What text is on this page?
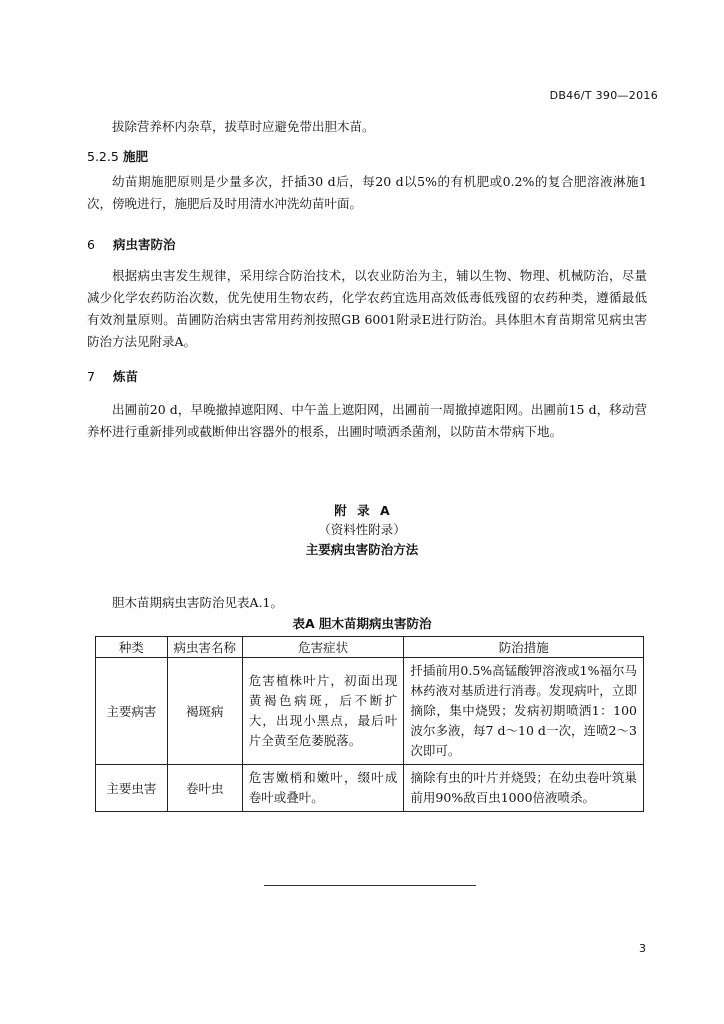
DB46/T 390—2016
拔除营养杯内杂草，拔草时应避免带出胆木苗。
5.2.5 施肥
幼苗期施肥原则是少量多次，扦插30 d后，每20 d以5%的有机肥或0.2%的复合肥溶液淋施1次，傍晚进行，施肥后及时用清水冲洗幼苗叶面。
6 病虫害防治
根据病虫害发生规律，采用综合防治技术，以农业防治为主，辅以生物、物理、机械防治，尽量减少化学农药防治次数，优先使用生物农药，化学农药宜选用高效低毒低残留的农药种类，遵循最低有效剂量原则。苗圃防治病虫害常用药剂按照GB 6001附录E进行防治。具体胆木育苗期常见病虫害防治方法见附录A。
7 炼苗
出圃前20 d，早晚撤掉遮阳网、中午盖上遮阳网，出圃前一周撤掉遮阳网。出圃前15 d，移动营养杯进行重新排列或截断伸出容器外的根系，出圃时喷洒杀菌剂，以防苗木带病下地。
附 录 A
（资料性附录）
主要病虫害防治方法
胆木苗期病虫害防治见表A.1。
表A 胆木苗期病虫害防治
种类	病虫害名称	危害症状	防治措施
主要病害	褐斑病	危害植株叶片，初面出现黄褐色病斑，后不断扩大，出现小黑点，最后叶片全黄至危萎脱落。	扦插前用0.5%高锰酸钾溶液或1%福尔马林药液对基质进行消毒。发现病叶，立即摘除，集中烧毁；发病初期喷洒1：100波尔多液，每7 d～10 d一次，连喷2～3次即可。
主要虫害	卷叶虫	危害嫩梢和嫩叶，缀叶成卷叶或叠叶。	摘除有虫的叶片并烧毁；在幼虫卷叶筑巢前用90%敌百虫1000倍液喷杀。
3
